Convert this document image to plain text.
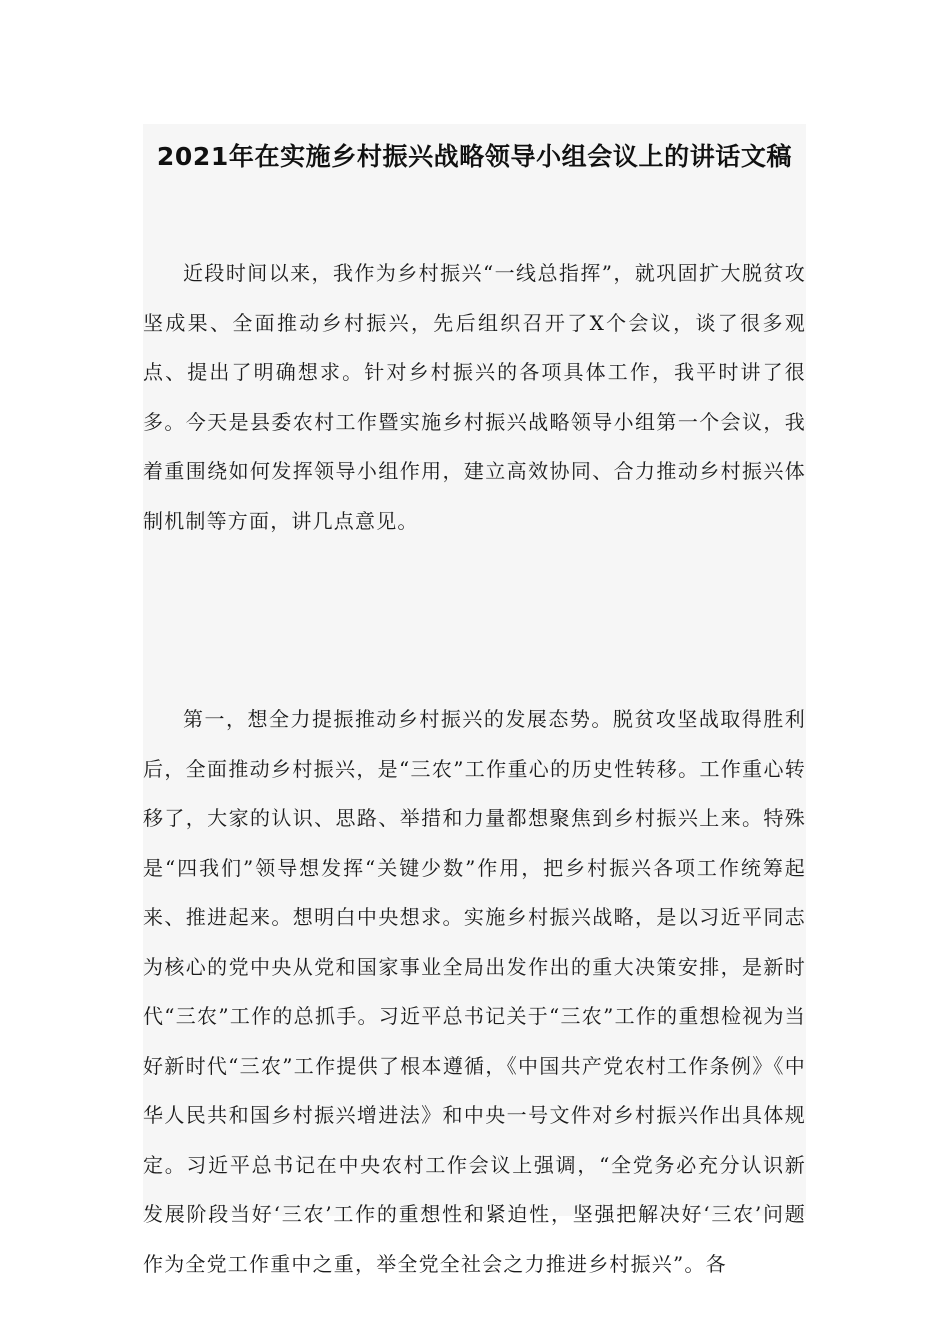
2021年在实施乡村振兴战略领导小组会议上的讲话文稿

近段时间以来，我作为乡村振兴“一线总指挥”，就巩固扩大脱贫攻坚成果、全面推动乡村振兴，先后组织召开了X个会议，谈了很多观点、提出了明确想求。针对乡村振兴的各项具体工作，我平时讲了很多。今天是县委农村工作暨实施乡村振兴战略领导小组第一个会议，我着重围绕如何发挥领导小组作用，建立高效协同、合力推动乡村振兴体制机制等方面，讲几点意见。

第一，想全力提振推动乡村振兴的发展态势。脱贫攻坚战取得胜利后，全面推动乡村振兴，是“三农”工作重心的历史性转移。工作重心转移了，大家的认识、思路、举措和力量都想聚焦到乡村振兴上来。特殊是“四我们”领导想发挥“关键少数”作用，把乡村振兴各项工作统筹起来、推进起来。想明白中央想求。实施乡村振兴战略，是以习近平同志为核心的党中央从党和国家事业全局出发作出的重大决策安排，是新时代“三农”工作的总抓手。习近平总书记关于“三农”工作的重想检视为当好新时代“三农”工作提供了根本遵循，《中国共产党农村工作条例》《中华人民共和国乡村振兴增进法》和中央一号文件对乡村振兴作出具体规定。习近平总书记在中央农村工作会议上强调，“全党务必充分认识新发展阶段当好‘三农’工作的重想性和紧迫性，坚强把解决好‘三农’问题作为全党工作重中之重，举全党全社会之力推进乡村振兴”。各
